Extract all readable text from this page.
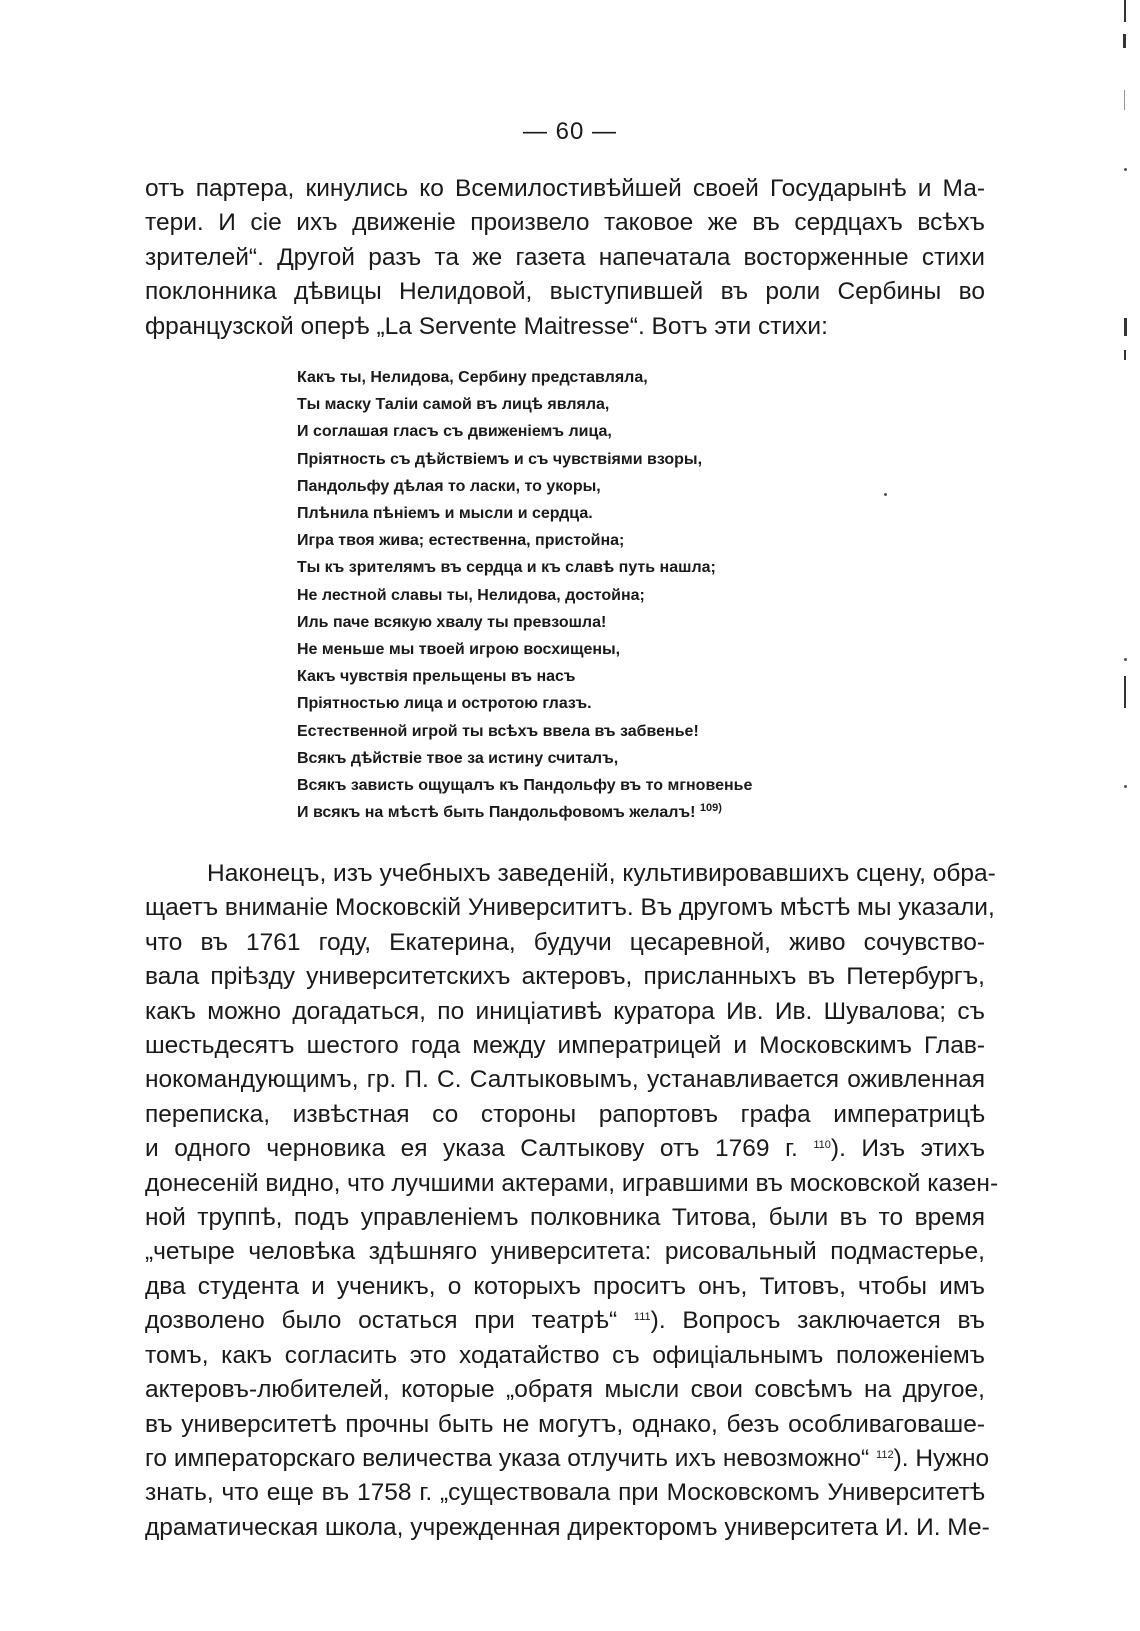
— 60 —

отъ партера, кинулись ко Всемилостивѣйшей своей Государынѣ и Ма-
тери. И сіе ихъ движеніе произвело таковое же въ сердцахъ всѣхъ
зрителей“. Другой разъ та же газета напечатала восторженные стихи
поклонника дѣвицы Нелидовой, выступившей въ роли Сербины во
французской оперѣ „La Servente Maitresse“. Вотъ эти стихи:

Какъ ты, Нелидова, Сербину представляла,
Ты маску Таліи самой въ лицѣ являла,
И соглашая гласъ съ движеніемъ лица,
Пріятность съ дѣйствіемъ и съ чувствіями взоры,
Пандольфу дѣлая то ласки, то укоры,
Плѣнила пѣніемъ и мысли и сердца.
Игра твоя жива; естественна, пристойна;
Ты къ зрителямъ въ сердца и къ славѣ путь нашла;
Не лестной славы ты, Нелидова, достойна;
Иль паче всякую хвалу ты превзошла!
Не меньше мы твоей игрою восхищены,
Какъ чувствія прельщены въ насъ
Пріятностью лица и остротою глазъ.
Естественной игрой ты всѣхъ ввела въ забвенье!
Всякъ дѣйствіе твое за истину считалъ,
Всякъ зависть ощущалъ къ Пандольфу въ то мгновенье
И всякъ на мѣстѣ быть Пандольфовомъ желалъ! $^{109)}$

Наконецъ, изъ учебныхъ заведеній, культивировавшихъ сцену, обра-
щаетъ вниманіе Московскій Университитъ. Въ другомъ мѣстѣ мы указали,
что въ 1761 году, Екатерина, будучи цесаревной, живо сочувство-
вала пріѣзду университетскихъ актеровъ, присланныхъ въ Петербургъ,
какъ можно догадаться, по иниціативѣ куратора Ив. Ив. Шувалова; съ
шестьдесятъ шестого года между императрицей и Московскимъ Глав-
нокомандующимъ, гр. П. С. Салтыковымъ, устанавливается оживленная
переписка, извѣстная со стороны рапортовъ графа императрицѣ
и одного черновика ея указа Салтыкову отъ 1769 г. $^{110}$). Изъ этихъ
донесеній видно, что лучшими актерами, игравшими въ московской казен-
ной труппѣ, подъ управленіемъ полковника Титова, были въ то время
„четыре человѣка здѣшняго университета: рисовальный подмастерье,
два студента и ученикъ, о которыхъ проситъ онъ, Титовъ, чтобы имъ
дозволено было остаться при театрѣ“ $^{111}$). Вопросъ заключается въ
томъ, какъ согласить это ходатайство съ офиціальнымъ положеніемъ
актеровъ-любителей, которые „обратя мысли свои совсѣмъ на другое,
въ университетѣ прочны быть не могутъ, однако, безъ особливаговаше-
го императорскаго величества указа отлучить ихъ невозможно“ $^{112}$). Нужно
знать, что еще въ 1758 г. „существовала при Московскомъ Университетѣ
драматическая школа, учрежденная директоромъ университета И. И. Ме-
